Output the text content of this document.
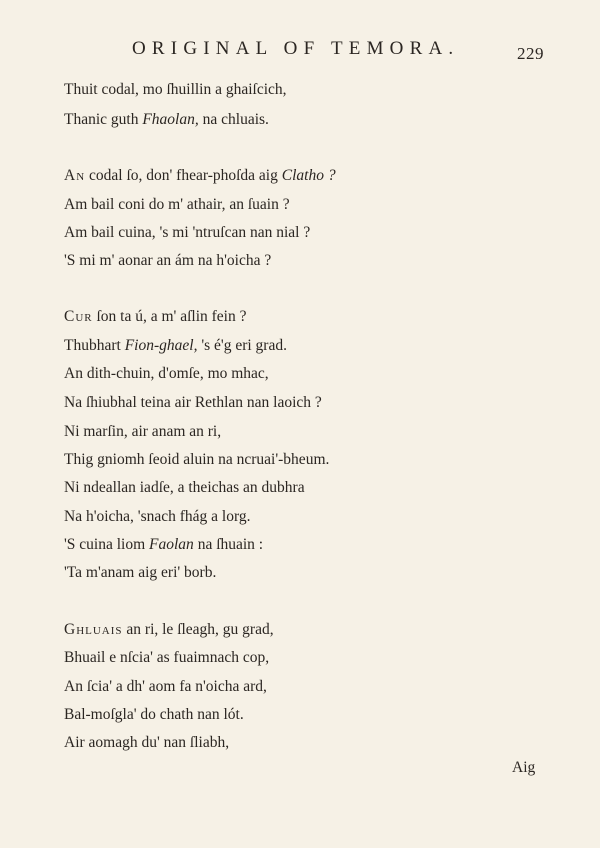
ORIGINAL OF TEMORA.	229
Thuit codal, mo ſhuillin a ghaiſcich,
Thanic guth Fhaolan, na chluais.
An codal ſo, don' fhear-phoſda aig Clatho ?
Am bail coni do m' athair, an ſuain ?
Am bail cuina, 's mi 'ntruſcan nan nial ?
'S mi m' aonar an ám na h'oicha ?
Cur ſon ta ú, a m' aſlin fein ?
Thubhart Fion-ghael, 's é'g eri grad.
An dith-chuin, d'omſe, mo mhac,
Na ſhiubhal teina air Rethlan nan laoich ?
Ni marſin, air anam an ri,
Thig gniomh ſeoid aluin na ncruai'-bheum.
Ni ndeallan iadſe, a theichas an dubhra
Na h'oicha, 'snach fhág a lorg.
'S cuina liom Faolan na ſhuain :
'Ta m'anam aig eri' borb.
Ghluais an ri, le ſleagh, gu grad,
Bhuail e nſcia' as fuaimnach cop,
An ſcia' a dh' aom fa n'oicha ard,
Bal-moſgla' do chath nan lót.
Air aomagh du' nan ſliabh,
Aig
